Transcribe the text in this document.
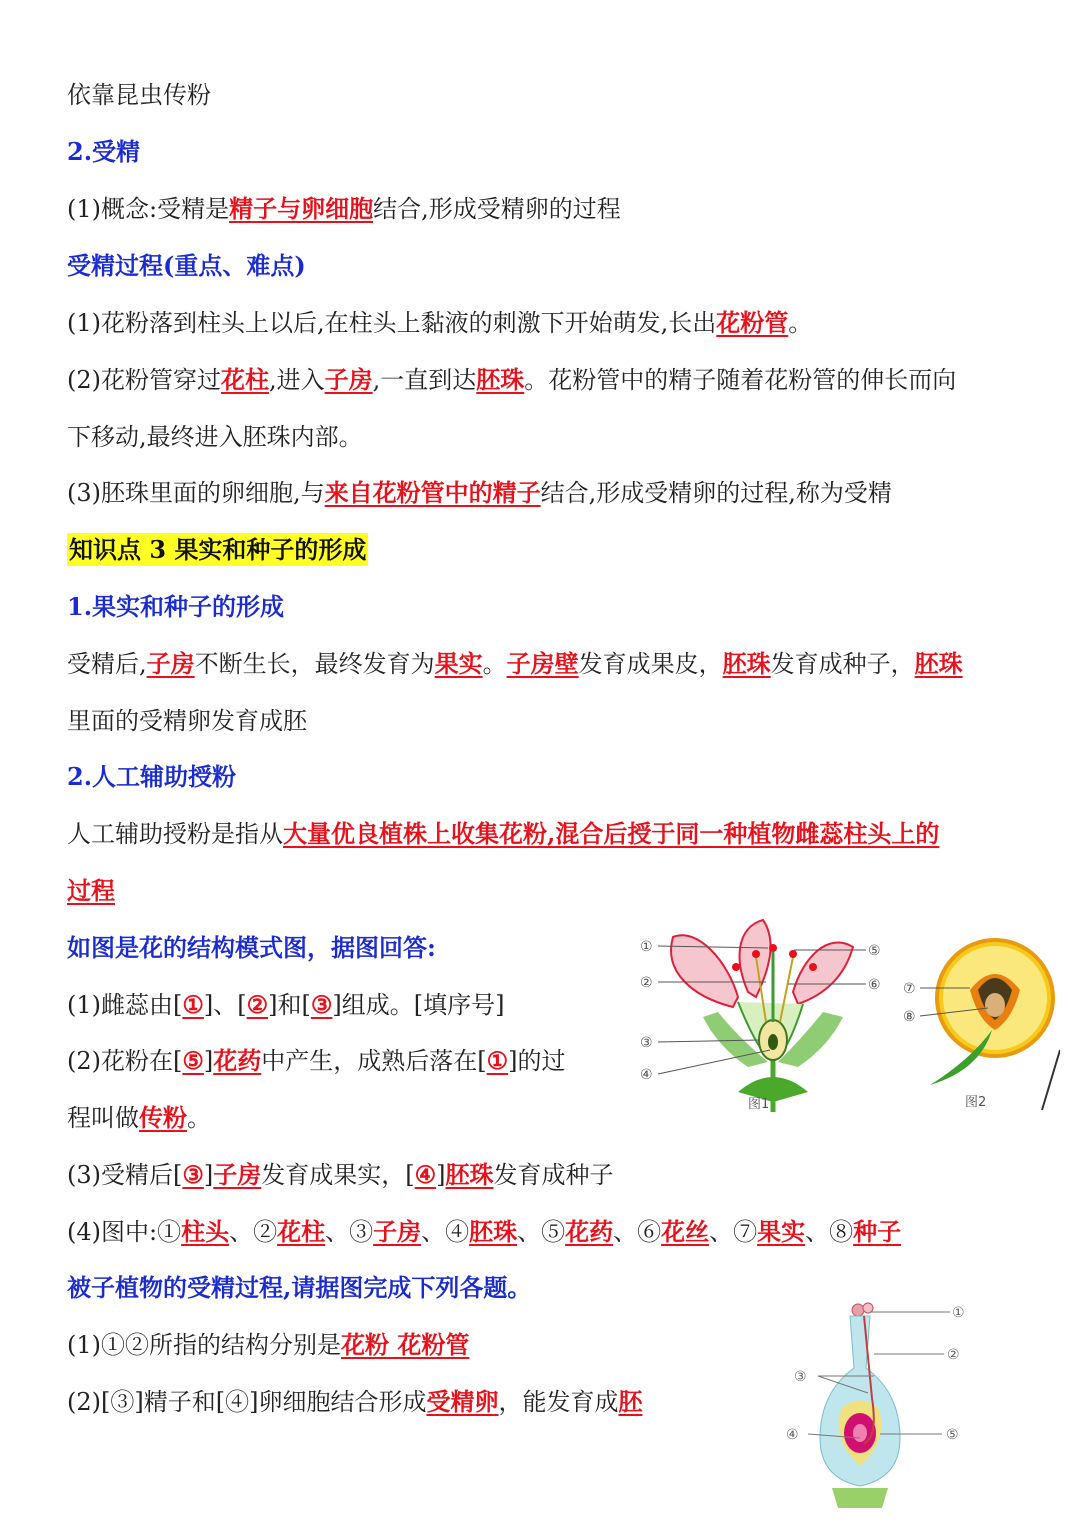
依靠昆虫传粉
2.受精
(1)概念:受精是精子与卵细胞结合,形成受精卵的过程
受精过程(重点、难点)
(1)花粉落到柱头上以后,在柱头上黏液的刺激下开始萌发,长出花粉管。
(2)花粉管穿过花柱,进入子房,一直到达胚珠。花粉管中的精子随着花粉管的伸长而向
下移动,最终进入胚珠内部。
(3)胚珠里面的卵细胞,与来自花粉管中的精子结合,形成受精卵的过程,称为受精
知识点 3 果实和种子的形成
1.果实和种子的形成
受精后,子房不断生长，最终发育为果实。子房壁发育成果皮，胚珠发育成种子，胚珠
里面的受精卵发育成胚
2.人工辅助授粉
人工辅助授粉是指从大量优良植株上收集花粉,混合后授于同一种植物雌蕊柱头上的
过程
如图是花的结构模式图，据图回答:
(1)雌蕊由[①]、[②]和[③]组成。[填序号]
(2)花粉在[⑤]花药中产生，成熟后落在[①]的过
程叫做传粉。
(3)受精后[③]子房发育成果实，[④]胚珠发育成种子
(4)图中:①柱头、②花柱、③子房、④胚珠、⑤花药、⑥花丝、⑦果实、⑧种子
被子植物的受精过程,请据图完成下列各题。
(1)①②所指的结构分别是花粉 花粉管
(2)[③]精子和[④]卵细胞结合形成受精卵，能发育成胚
①
②
③
④
⑤
⑥
图1
⑦
⑧
图2
①
②
③
④	⑤
